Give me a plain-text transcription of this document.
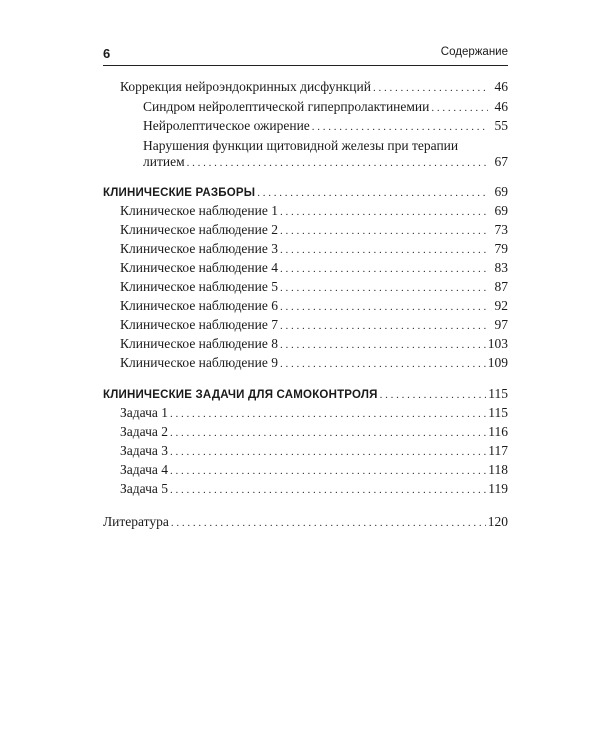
6	Содержание
Коррекция нейроэндокринных дисфункций . . .	46
Синдром нейролептической гиперпролактинемии . . .	46
Нейролептическое ожирение . . .	55
Нарушения функции щитовидной железы при терапии
литием . . .	67
КЛИНИЧЕСКИЕ РАЗБОРЫ . . .	69
Клиническое наблюдение 1 . . .	69
Клиническое наблюдение 2 . . .	73
Клиническое наблюдение 3 . . .	79
Клиническое наблюдение 4 . . .	83
Клиническое наблюдение 5 . . .	87
Клиническое наблюдение 6 . . .	92
Клиническое наблюдение 7 . . .	97
Клиническое наблюдение 8 . . .	103
Клиническое наблюдение 9 . . .	109
КЛИНИЧЕСКИЕ ЗАДАЧИ ДЛЯ САМОКОНТРОЛЯ . . .	115
Задача 1 . . .	115
Задача 2 . . .	116
Задача 3 . . .	117
Задача 4 . . .	118
Задача 5 . . .	119
Литература . . .	120
